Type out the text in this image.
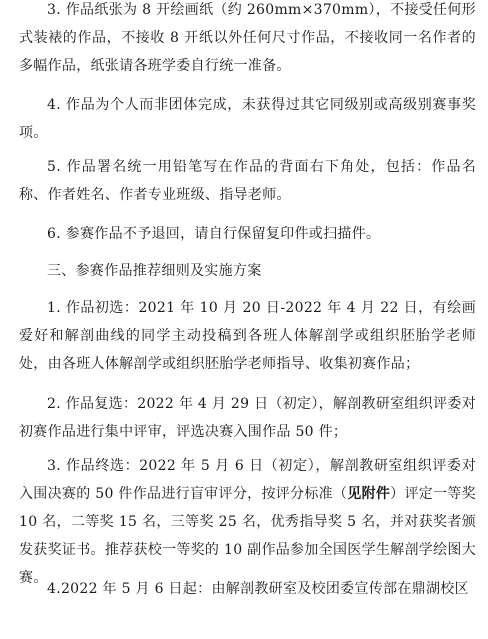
3. 作品纸张为 8 开绘画纸（约 260mm×370mm），不接受任何形式装裱的作品，不接收 8 开纸以外任何尺寸作品，不接收同一名作者的多幅作品，纸张请各班学委自行统一准备。

4. 作品为个人而非团体完成，未获得过其它同级别或高级别赛事奖项。

5. 作品署名统一用铅笔写在作品的背面右下角处，包括：作品名称、作者姓名、作者专业班级、指导老师。

6. 参赛作品不予退回，请自行保留复印件或扫描件。

三、参赛作品推荐细则及实施方案

1. 作品初选：2021 年 10 月 20 日-2022 年 4 月 22 日，有绘画爱好和解剖曲线的同学主动投稿到各班人体解剖学或组织胚胎学老师处，由各班人体解剖学或组织胚胎学老师指导、收集初赛作品；

2. 作品复选：2022 年 4 月 29 日（初定），解剖教研室组织评委对初赛作品进行集中评审，评选决赛入围作品 50 件；

3. 作品终选：2022 年 5 月 6 日（初定），解剖教研室组织评委对入围决赛的 50 件作品进行盲审评分，按评分标准（见附件）评定一等奖 10 名，二等奖 15 名，三等奖 25 名，优秀指导奖 5 名，并对获奖者颁发获奖证书。推荐获校一等奖的 10 副作品参加全国医学生解剖学绘图大赛。

4.2022 年 5 月 6 日起：由解剖教研室及校团委宣传部在鼎湖校区
